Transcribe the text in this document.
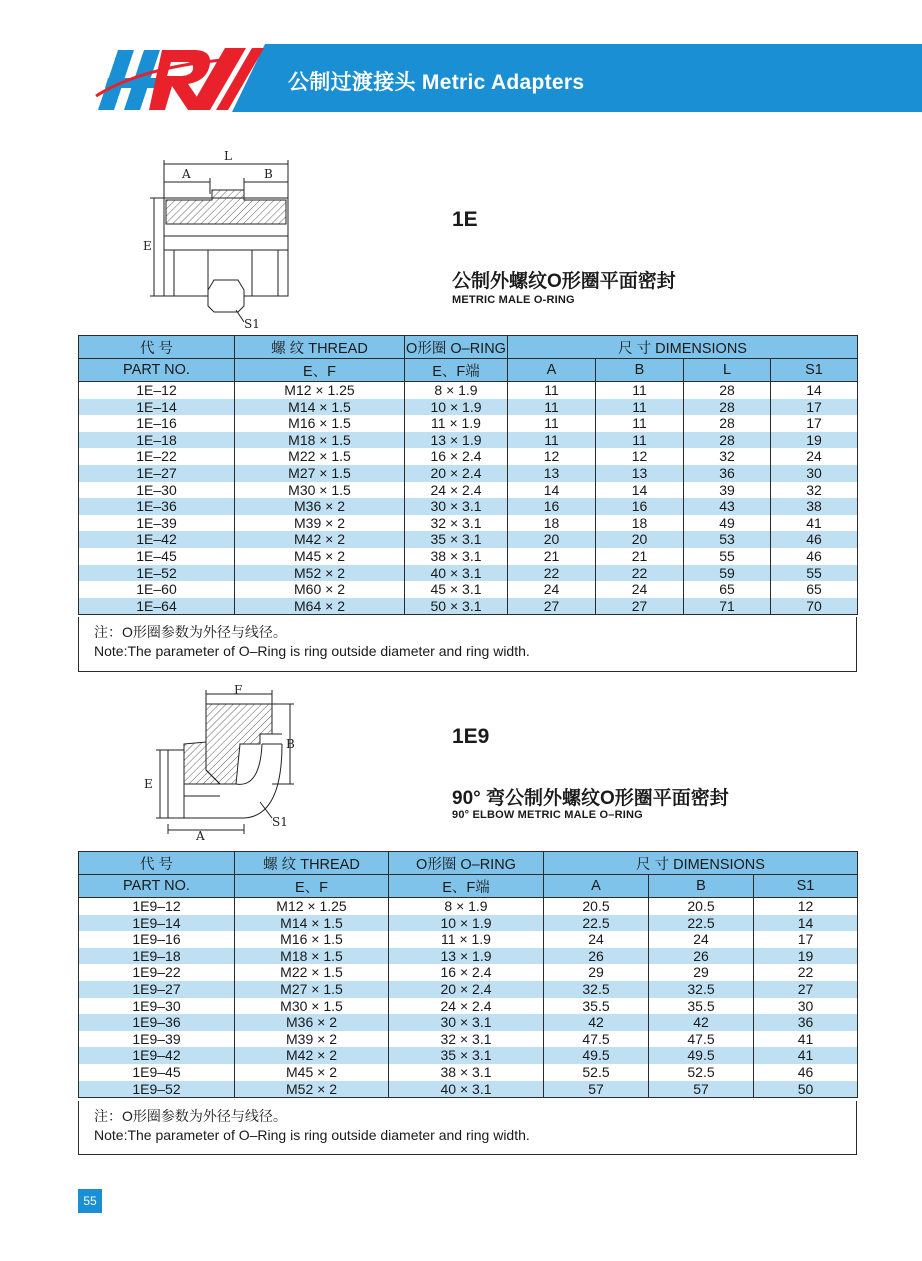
公制过渡接头 Metric Adapters
L
A	B
E
S1
1E
公制外螺纹O形圈平面密封
METRIC MALE O-RING
代 号	螺 纹 THREAD	O形圈 O–RING	尺 寸 DIMENSIONS			
PART NO.	E、F	E、F端	A	B	L	S1
1E–12	M12 × 1.25	8 × 1.9	11	11	28	14
1E–14	M14 × 1.5	10 × 1.9	11	11	28	17
1E–16	M16 × 1.5	11 × 1.9	11	11	28	17
1E–18	M18 × 1.5	13 × 1.9	11	11	28	19
1E–22	M22 × 1.5	16 × 2.4	12	12	32	24
1E–27	M27 × 1.5	20 × 2.4	13	13	36	30
1E–30	M30 × 1.5	24 × 2.4	14	14	39	32
1E–36	M36 × 2	30 × 3.1	16	16	43	38
1E–39	M39 × 2	32 × 3.1	18	18	49	41
1E–42	M42 × 2	35 × 3.1	20	20	53	46
1E–45	M45 × 2	38 × 3.1	21	21	55	46
1E–52	M52 × 2	40 × 3.1	22	22	59	55
1E–60	M60 × 2	45 × 3.1	24	24	65	65
1E–64	M64 × 2	50 × 3.1	27	27	71	70
注：O形圈参数为外径与线径。
Note:The parameter of O–Ring is ring outside diameter and ring width.
F
B
E
A
S1
1E9
90° 弯公制外螺纹O形圈平面密封
90° ELBOW METRIC MALE O–RING
代 号	螺 纹 THREAD	O形圈 O–RING	尺 寸 DIMENSIONS		
PART NO.	E、F	E、F端	A	B	S1
1E9–12	M12 × 1.25	8 × 1.9	20.5	20.5	12
1E9–14	M14 × 1.5	10 × 1.9	22.5	22.5	14
1E9–16	M16 × 1.5	11 × 1.9	24	24	17
1E9–18	M18 × 1.5	13 × 1.9	26	26	19
1E9–22	M22 × 1.5	16 × 2.4	29	29	22
1E9–27	M27 × 1.5	20 × 2.4	32.5	32.5	27
1E9–30	M30 × 1.5	24 × 2.4	35.5	35.5	30
1E9–36	M36 × 2	30 × 3.1	42	42	36
1E9–39	M39 × 2	32 × 3.1	47.5	47.5	41
1E9–42	M42 × 2	35 × 3.1	49.5	49.5	41
1E9–45	M45 × 2	38 × 3.1	52.5	52.5	46
1E9–52	M52 × 2	40 × 3.1	57	57	50
注：O形圈参数为外径与线径。
Note:The parameter of O–Ring is ring outside diameter and ring width.
55
